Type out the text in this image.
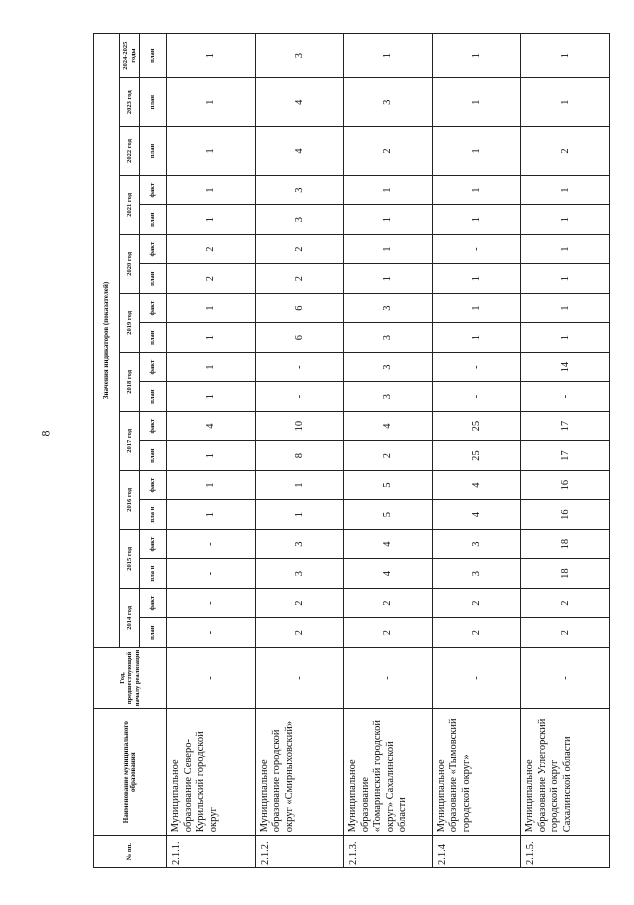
8
№ пп.	Наименование муниципального образования	Год, предшествующий началу реализации	Значения индикаторов (показателей)																		
			2014 год		2015 год		2016 год		2017 год		2018 год		2019 год		2020 год		2021 год		2022 год	2023 год	2024-2025 годы
			план	факт	пла н	факт	пла н	факт	план	факт	план	факт	план	факт	план	факт	план	факт	план	план	план
2.1.1.	Муниципальное образование Северо-Курильский городской округ	-	-	-	-	-	1	1	1	4	1	1	1	1	2	2	1	1	1	1	1
2.1.2.	Муниципальное образование городской округ «Смирныховский»	-	2	2	3	3	1	1	8	10	-	-	6	6	2	2	3	3	4	4	3
2.1.3.	Муниципальное образование «Томаринский городской округ» Сахалинской области	-	2	2	4	4	5	5	2	4	3	3	3	3	1	1	1	1	2	3	1
2.1.4	Муниципальное образование «Тымовский городской округ»	-	2	2	3	3	4	4	25	25	-	-	1	1	1	-	1	1	1	1	1
2.1.5.	Муниципальное образование Углегорский городской округ Сахалинской области	-	2	2	18	18	16	16	17	17	-	14	1	1	1	1	1	1	2	1	1
